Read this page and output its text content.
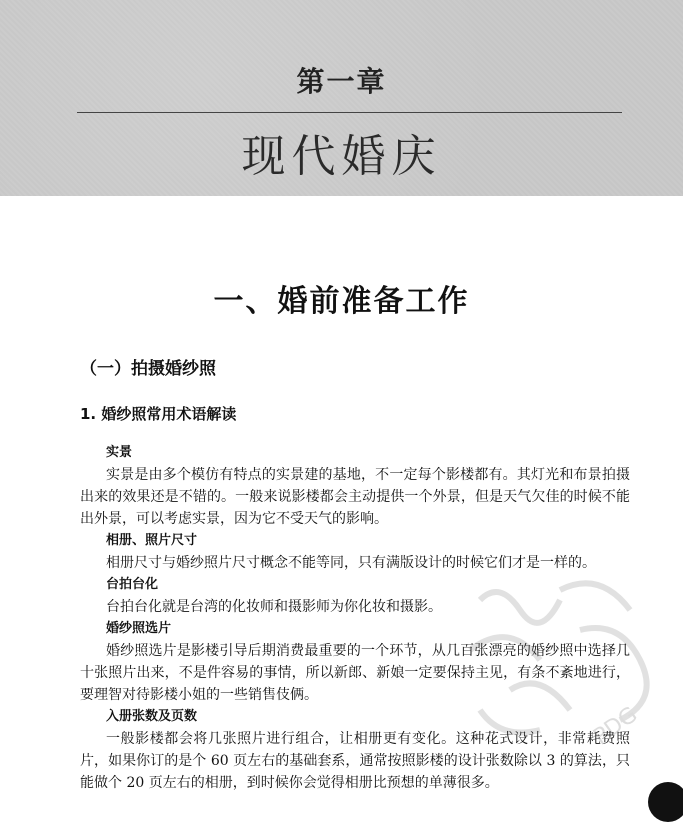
第一章
现代婚庆
一、婚前准备工作
（一）拍摄婚纱照
1. 婚纱照常用术语解读
实景

实景是由多个模仿有特点的实景建的基地，不一定每个影楼都有。其灯光和布景拍摄出来的效果还是不错的。一般来说影楼都会主动提供一个外景，但是天气欠佳的时候不能出外景，可以考虑实景，因为它不受天气的影响。

相册、照片尺寸

相册尺寸与婚纱照片尺寸概念不能等同，只有满版设计的时候它们才是一样的。

台拍台化

台拍台化就是台湾的化妆师和摄影师为你化妆和摄影。

婚纱照选片

婚纱照选片是影楼引导后期消费最重要的一个环节，从几百张漂亮的婚纱照中选择几十张照片出来，不是件容易的事情，所以新郎、新娘一定要保持主见，有条不紊地进行，要理智对待影楼小姐的一些销售伎俩。

入册张数及页数

一般影楼都会将几张照片进行组合，让相册更有变化。这种花式设计，非常耗费照片，如果你订的是个 60 页左右的基础套系，通常按照影楼的设计张数除以 3 的算法，只能做个 20 页左右的相册，到时候你会觉得相册比预想的单薄很多。

PDG
